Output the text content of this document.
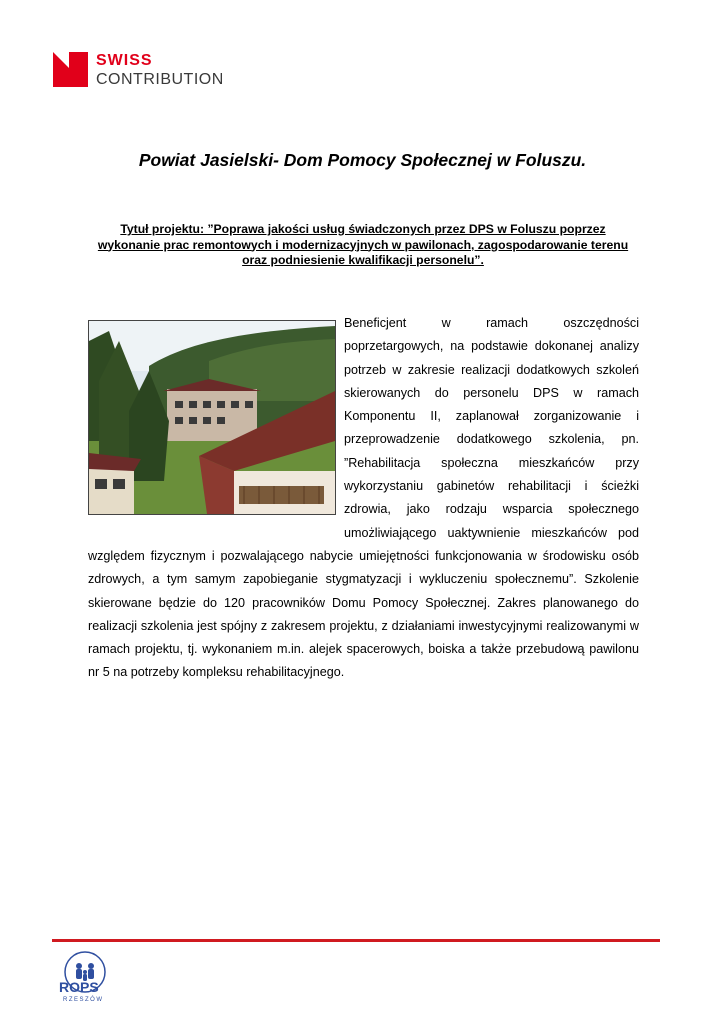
SWISS
CONTRIBUTION
Powiat Jasielski- Dom Pomocy Społecznej w Foluszu.
Tytuł projektu: ”Poprawa jakości usług świadczonych przez DPS w Foluszu poprzez wykonanie prac remontowych i modernizacyjnych w pawilonach, zagospodarowanie terenu oraz podniesienie kwalifikacji personelu”.
Beneficjent w ramach oszczędności poprzetargowych, na podstawie dokonanej analizy potrzeb w zakresie realizacji dodatkowych szkoleń skierowanych do personelu DPS w ramach Komponentu II, zaplanował zorganizowanie i przeprowadzenie dodatkowego szkolenia, pn. ”Rehabilitacja społeczna mieszkańców przy wykorzystaniu gabinetów rehabilitacji i ścieżki zdrowia, jako rodzaju wsparcia społecznego umożliwiającego uaktywnienie mieszkańców pod względem fizycznym i pozwalającego nabycie umiejętności funkcjonowania w środowisku osób zdrowych, a tym samym zapobieganie stygmatyzacji i wykluczeniu społecznemu”. Szkolenie skierowane będzie do 120 pracowników Domu Pomocy Społecznej. Zakres planowanego do realizacji szkolenia jest spójny z zakresem projektu, z działaniami inwestycyjnymi realizowanymi w ramach projektu, tj. wykonaniem m.in. alejek spacerowych, boiska a także przebudową pawilonu nr 5 na potrzeby kompleksu rehabilitacyjnego.
ROPS
RZESZÓW
